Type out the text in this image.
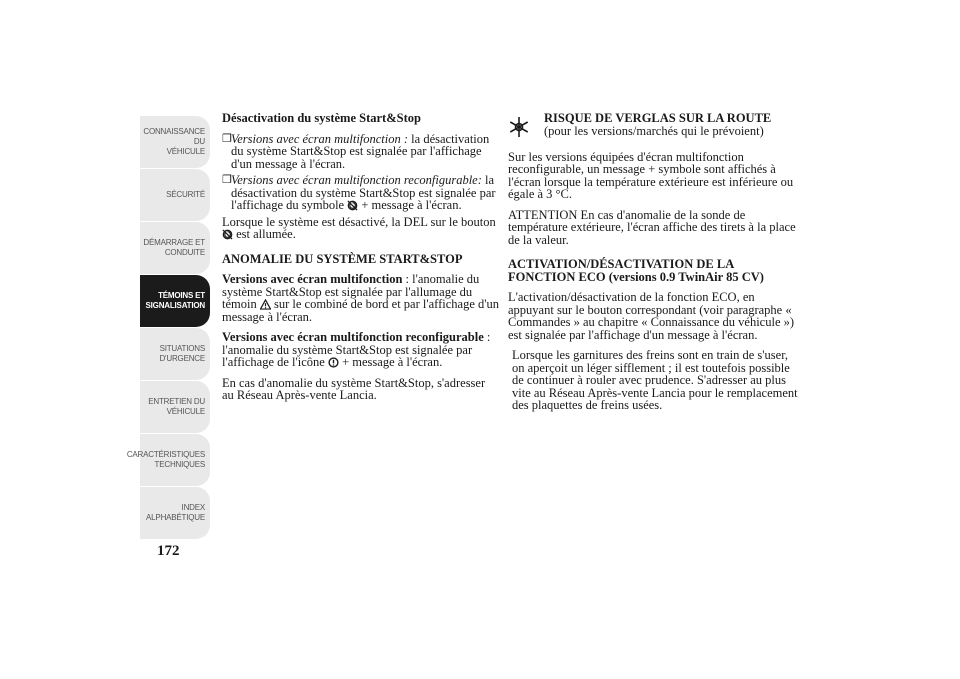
CONNAISSANCE DU
VÉHICULE
SÉCURITÉ
DÉMARRAGE ET
CONDUITE
TÉMOINS ET
SIGNALISATION
SITUATIONS
D'URGENCE
ENTRETIEN DU
VÉHICULE
CARACTÉRISTIQUES
TECHNIQUES
INDEX
ALPHABÉTIQUE
172
Désactivation du système Start&Stop
❒ Versions avec écran multifonction : la désactivation du système Start&Stop est signalée par l'affichage d'un message à l'écran.
❒ Versions avec écran multifonction reconfigurable: la désactivation du système Start&Stop est signalée par l'affichage du symbole  + message à l'écran.

Lorsque le système est désactivé, la DEL sur le bouton  est allumée.

ANOMALIE DU SYSTÈME START&STOP

Versions avec écran multifonction : l'anomalie du système Start&Stop est signalée par l'allumage du témoin  sur le combiné de bord et par l'affichage d'un message à l'écran.

Versions avec écran multifonction reconfigurable : l'anomalie du système Start&Stop est signalée par l'affichage de l'icône  + message à l'écran.

En cas d'anomalie du système Start&Stop, s'adresser au Réseau Après-vente Lancia.

RISQUE DE VERGLAS SUR LA ROUTE
(pour les versions/marchés qui le prévoient)

Sur les versions équipées d'écran multifonction reconfigurable, un message + symbole sont affichés à l'écran lorsque la température extérieure est inférieure ou égale à 3 °C.

ATTENTION En cas d'anomalie de la sonde de température extérieure, l'écran affiche des tirets à la place de la valeur.

ACTIVATION/DÉSACTIVATION DE LA FONCTION ECO (versions 0.9 TwinAir 85 CV)

L'activation/désactivation de la fonction ECO, en appuyant sur le bouton correspondant (voir paragraphe « Commandes » au chapitre « Connaissance du véhicule ») est signalée par l'affichage d'un message à l'écran.

Lorsque les garnitures des freins sont en train de s'user, on aperçoit un léger sifflement ; il est toutefois possible de continuer à rouler avec prudence. S'adresser au plus vite au Réseau Après-vente Lancia pour le remplacement des plaquettes de freins usées.
